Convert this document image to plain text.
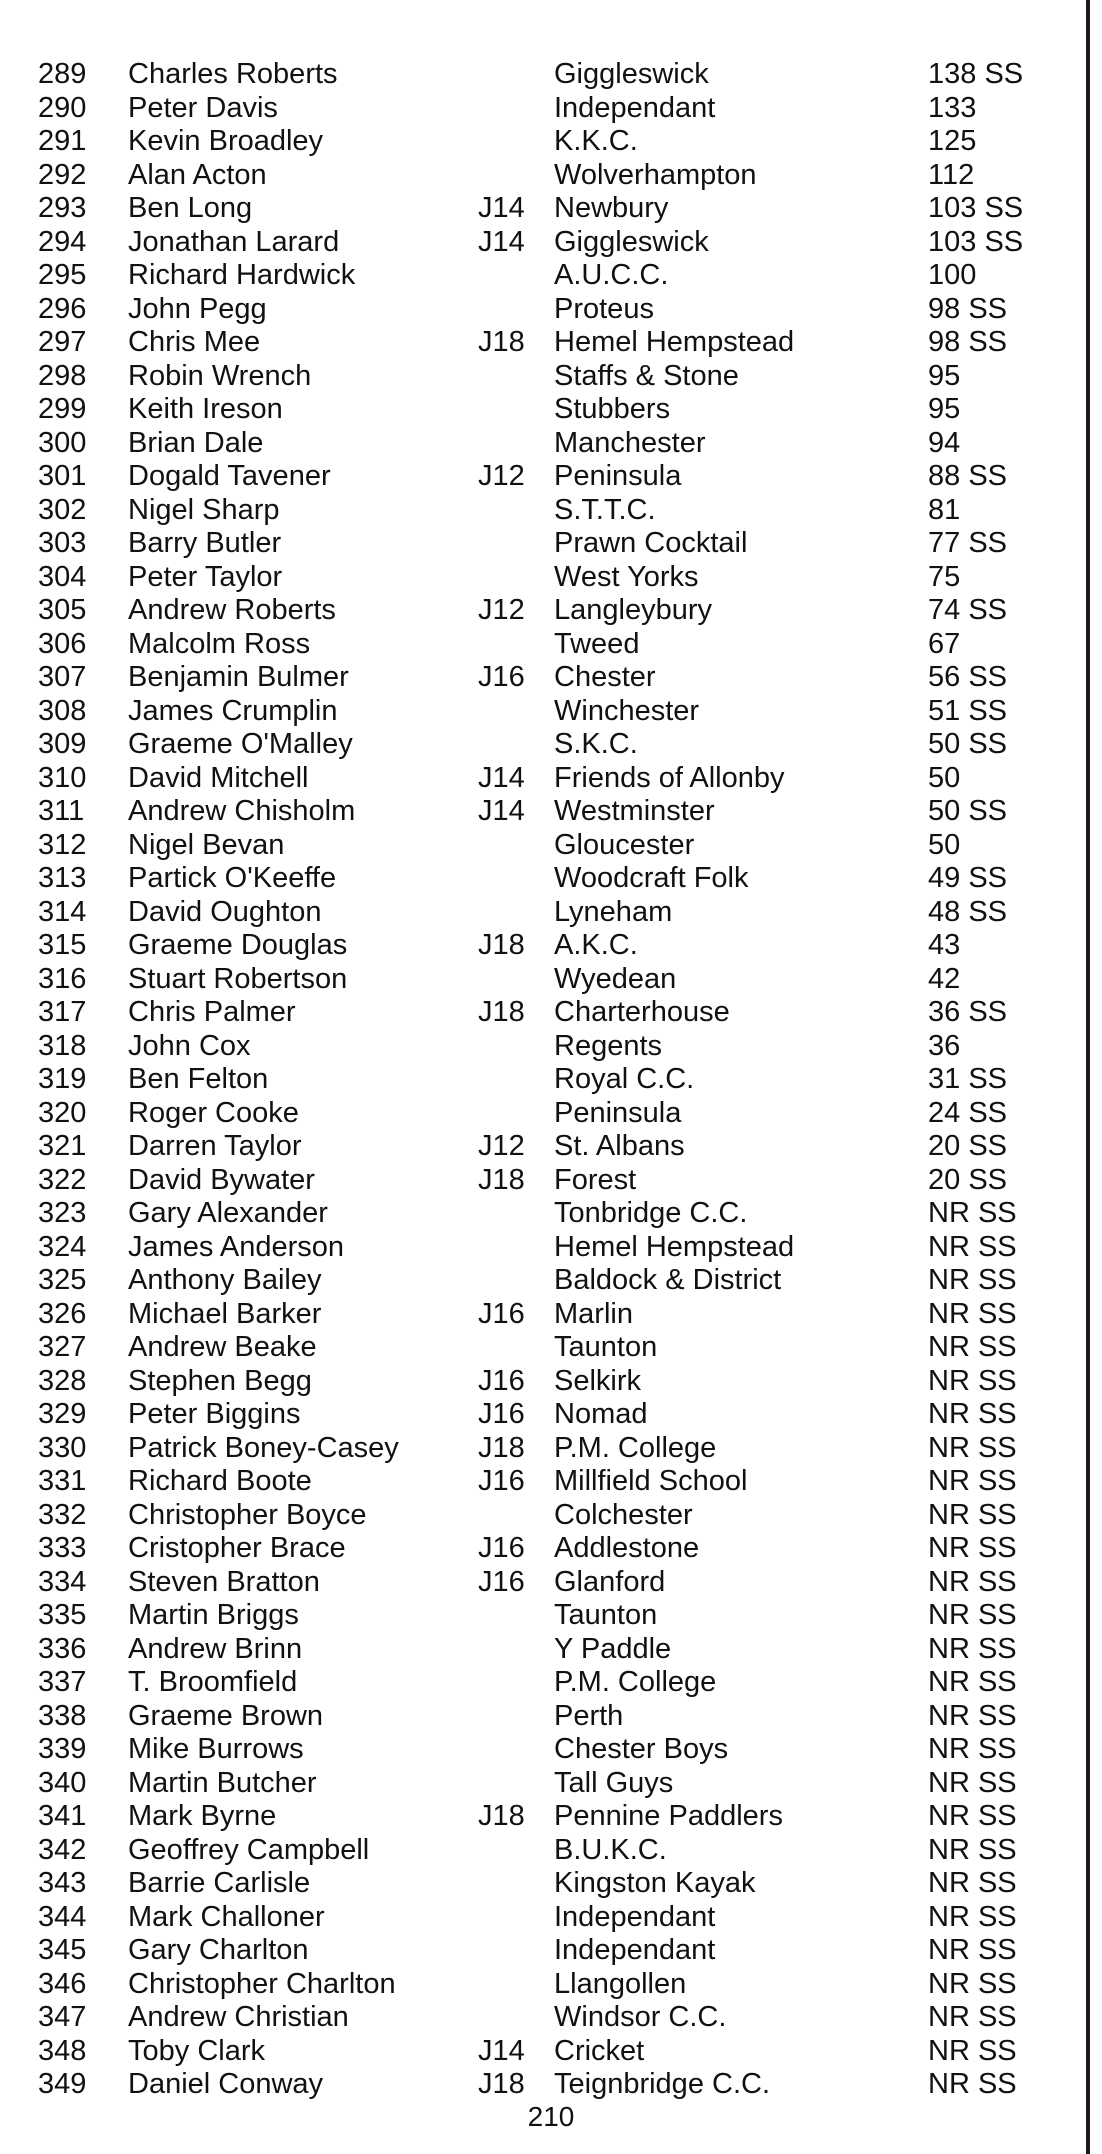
289 Charles Roberts	Giggleswick	138 SS
290 Peter Davis	Independant	133
291 Kevin Broadley	K.K.C.	125
292 Alan Acton	Wolverhampton	112
293 Ben Long	J14 Newbury	103 SS
294 Jonathan Larard	J14 Giggleswick	103 SS
295 Richard Hardwick	A.U.C.C.	100
296 John Pegg	Proteus	98 SS
297 Chris Mee	J18 Hemel Hempstead	98 SS
298 Robin Wrench	Staffs & Stone	95
299 Keith Ireson	Stubbers	95
300 Brian Dale	Manchester	94
301 Dogald Tavener	J12 Peninsula	88 SS
302 Nigel Sharp	S.T.T.C.	81
303 Barry Butler	Prawn Cocktail	77 SS
304 Peter Taylor	West Yorks	75
305 Andrew Roberts	J12 Langleybury	74 SS
306 Malcolm Ross	Tweed	67
307 Benjamin Bulmer	J16 Chester	56 SS
308 James Crumplin	Winchester	51 SS
309 Graeme O'Malley	S.K.C.	50 SS
310 David Mitchell	J14 Friends of Allonby	50
311 Andrew Chisholm	J14 Westminster	50 SS
312 Nigel Bevan	Gloucester	50
313 Partick O'Keeffe	Woodcraft Folk	49 SS
314 David Oughton	Lyneham	48 SS
315 Graeme Douglas	J18 A.K.C.	43
316 Stuart Robertson	Wyedean	42
317 Chris Palmer	J18 Charterhouse	36 SS
318 John Cox	Regents	36
319 Ben Felton	Royal C.C.	31 SS
320 Roger Cooke	Peninsula	24 SS
321 Darren Taylor	J12 St. Albans	20 SS
322 David Bywater	J18 Forest	20 SS
323 Gary Alexander	Tonbridge C.C.	NR SS
324 James Anderson	Hemel Hempstead	NR SS
325 Anthony Bailey	Baldock & District	NR SS
326 Michael Barker	J16 Marlin	NR SS
327 Andrew Beake	Taunton	NR SS
328 Stephen Begg	J16 Selkirk	NR SS
329 Peter Biggins	J16 Nomad	NR SS
330 Patrick Boney-Casey	J18 P.M. College	NR SS
331 Richard Boote	J16 Millfield School	NR SS
332 Christopher Boyce	Colchester	NR SS
333 Cristopher Brace	J16 Addlestone	NR SS
334 Steven Bratton	J16 Glanford	NR SS
335 Martin Briggs	Taunton	NR SS
336 Andrew Brinn	Y Paddle	NR SS
337 T. Broomfield	P.M. College	NR SS
338 Graeme Brown	Perth	NR SS
339 Mike Burrows	Chester Boys	NR SS
340 Martin Butcher	Tall Guys	NR SS
341 Mark Byrne	J18 Pennine Paddlers	NR SS
342 Geoffrey Campbell	B.U.K.C.	NR SS
343 Barrie Carlisle	Kingston Kayak	NR SS
344 Mark Challoner	Independant	NR SS
345 Gary Charlton	Independant	NR SS
346 Christopher Charlton	Llangollen	NR SS
347 Andrew Christian	Windsor C.C.	NR SS
348 Toby Clark	J14 Cricket	NR SS
349 Daniel Conway	J18 Teignbridge C.C.	NR SS
210
